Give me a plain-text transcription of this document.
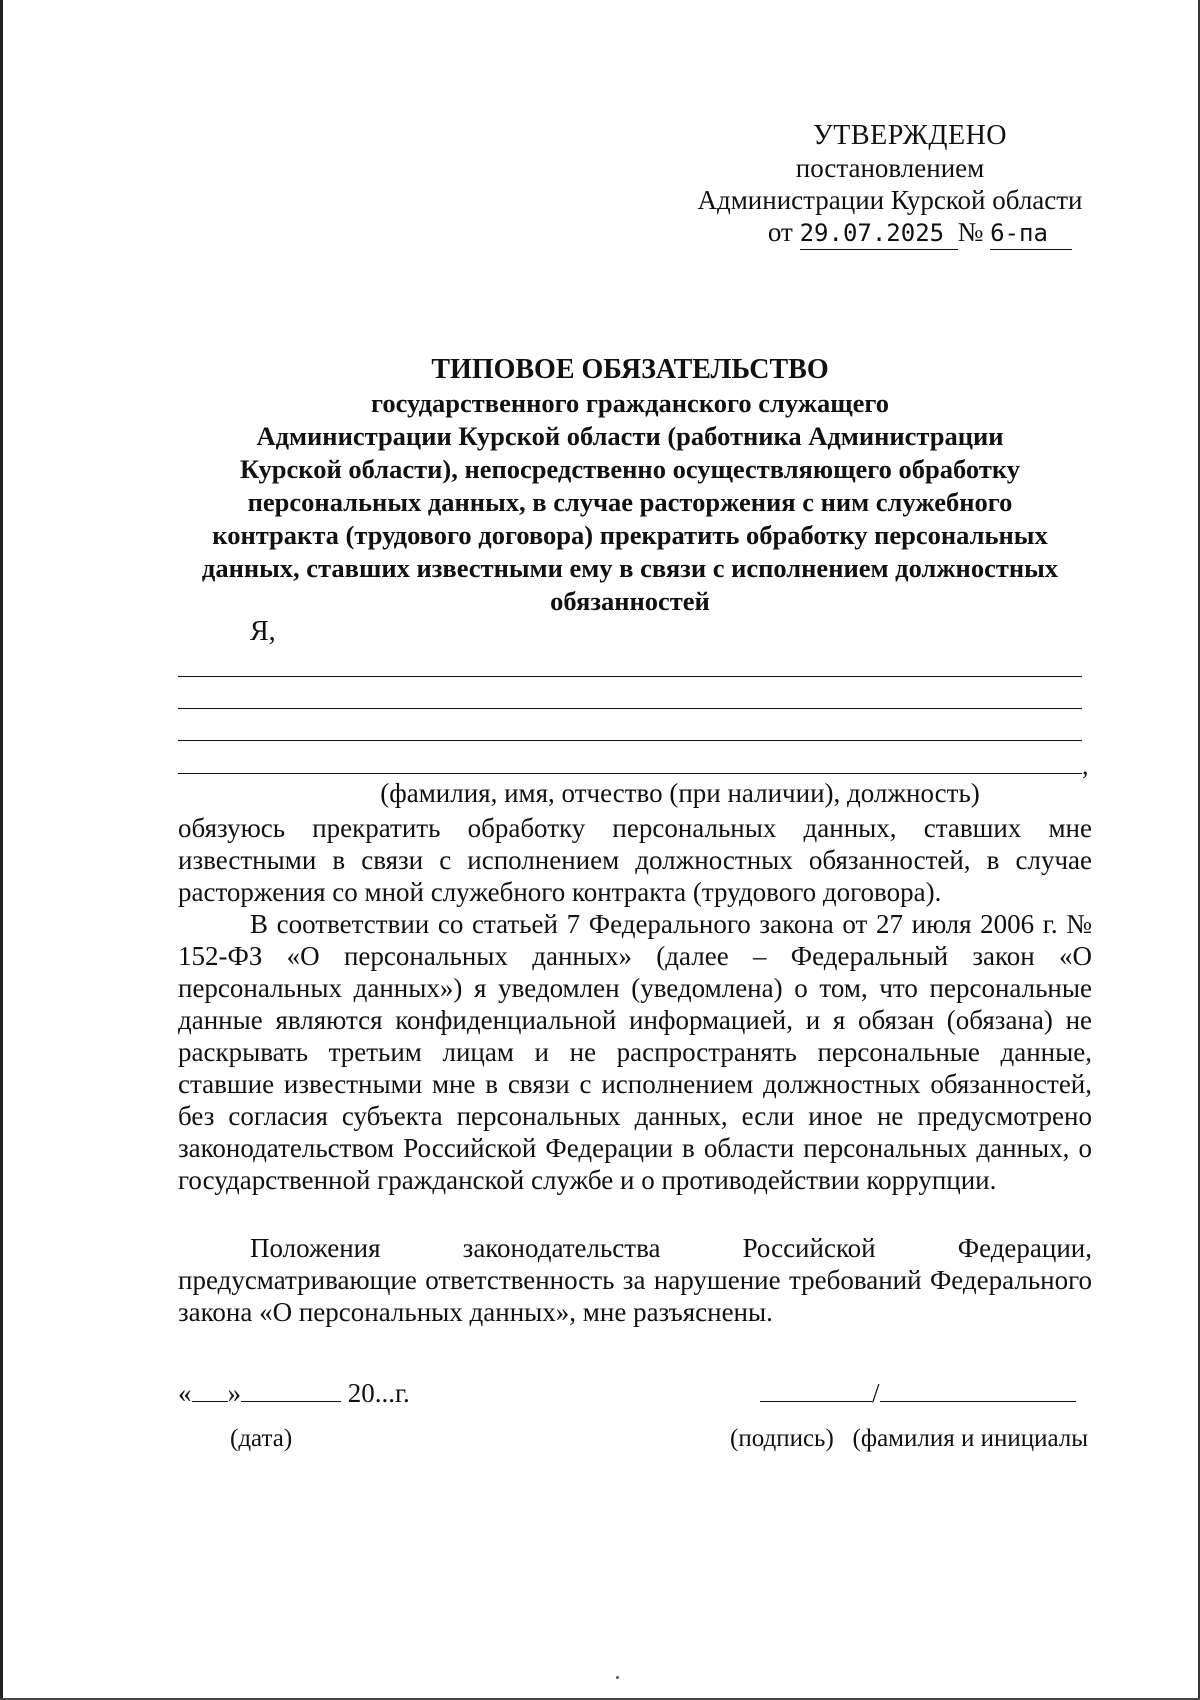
УТВЕРЖДЕНО
постановлением
Администрации Курской области
от 29.07.2025 № 6-па
ТИПОВОЕ ОБЯЗАТЕЛЬСТВО
государственного гражданского служащего
Администрации Курской области (работника Администрации
Курской области), непосредственно осуществляющего обработку
персональных данных, в случае расторжения с ним служебного
контракта (трудового договора) прекратить обработку персональных
данных, ставших известными ему в связи с исполнением должностных
обязанностей
Я,
,
(фамилия, имя, отчество (при наличии), должность)

обязуюсь прекратить обработку персональных данных, ставших мне известными в связи с исполнением должностных обязанностей, в случае расторжения со мной служебного контракта (трудового договора).

В соответствии со статьей 7 Федерального закона от 27 июля 2006 г. № 152-ФЗ «О персональных данных» (далее – Федеральный закон «О персональных данных») я уведомлен (уведомлена) о том, что персональные данные являются конфиденциальной информацией, и я обязан (обязана) не раскрывать третьим лицам и не распространять персональные данные, ставшие известными мне в связи с исполнением должностных обязанностей, без согласия субъекта персональных данных, если иное не предусмотрено законодательством Российской Федерации в области персональных данных, о государственной гражданской службе и о противодействии коррупции.

Положения законодательства Российской Федерации, предусматривающие ответственность за нарушение требований Федерального закона «О персональных данных», мне разъяснены.

« »	20...г.	/
(дата)	(подпись) (фамилия и инициалы
